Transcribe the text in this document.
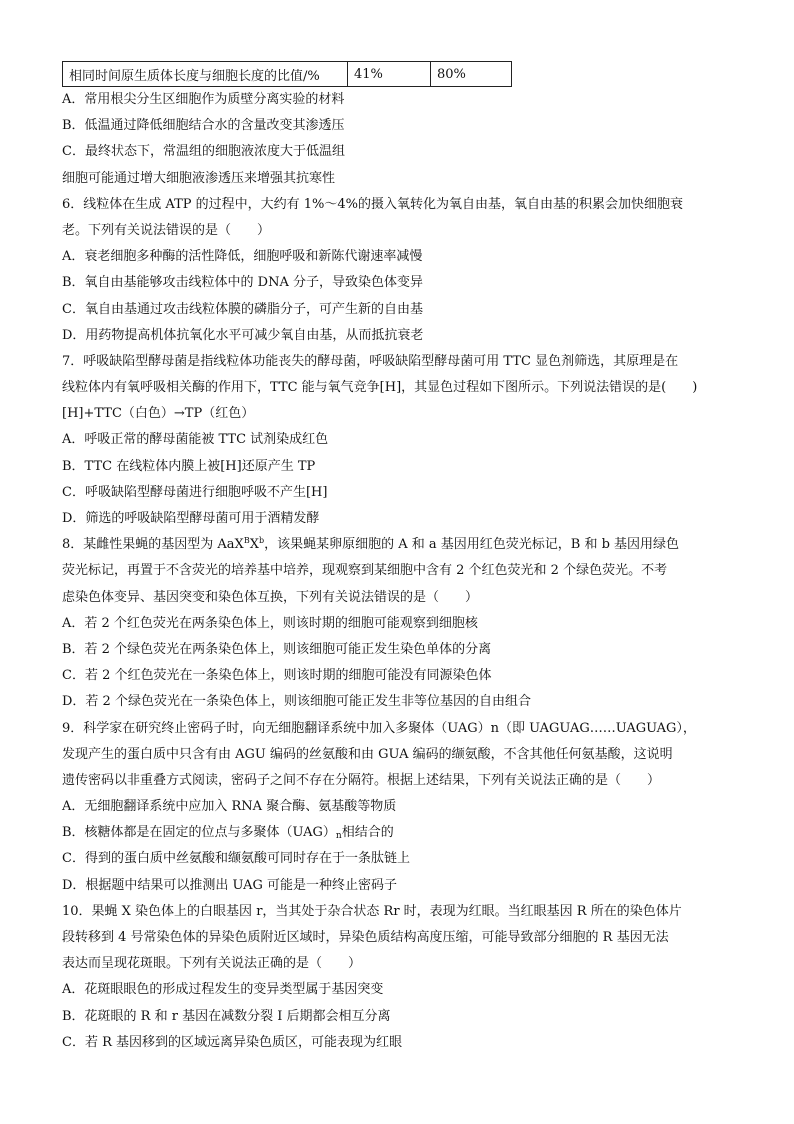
相同时间原生质体长度与细胞长度的比值/%	41%	80%
A．常用根尖分生区细胞作为质壁分离实验的材料
B．低温通过降低细胞结合水的含量改变其渗透压
C．最终状态下，常温组的细胞液浓度大于低温组
细胞可能通过增大细胞液渗透压来增强其抗寒性
6．线粒体在生成 ATP 的过程中，大约有 1%～4%的摄入氧转化为氧自由基，氧自由基的积累会加快细胞衰
老。下列有关说法错误的是（　　）
A．衰老细胞多种酶的活性降低，细胞呼吸和新陈代谢速率减慢
B．氧自由基能够攻击线粒体中的 DNA 分子，导致染色体变异
C．氧自由基通过攻击线粒体膜的磷脂分子，可产生新的自由基
D．用药物提高机体抗氧化水平可减少氧自由基，从而抵抗衰老
7．呼吸缺陷型酵母菌是指线粒体功能丧失的酵母菌，呼吸缺陷型酵母菌可用 TTC 显色剂筛选，其原理是在
线粒体内有氧呼吸相关酶的作用下，TTC 能与氧气竞争[H]，其显色过程如下图所示。下列说法错误的是(　　)
[H]+TTC（白色）→TP（红色）
A．呼吸正常的酵母菌能被 TTC 试剂染成红色
B．TTC 在线粒体内膜上被[H]还原产生 TP
C．呼吸缺陷型酵母菌进行细胞呼吸不产生[H]
D．筛选的呼吸缺陷型酵母菌可用于酒精发酵
8．某雌性果蝇的基因型为 $AaX^BX^b$，该果蝇某卵原细胞的 A 和 a 基因用红色荧光标记，B 和 b 基因用绿色
荧光标记，再置于不含荧光的培养基中培养，现观察到某细胞中含有 2 个红色荧光和 2 个绿色荧光。不考
虑染色体变异、基因突变和染色体互换，下列有关说法错误的是（　　）
A．若 2 个红色荧光在两条染色体上，则该时期的细胞可能观察到细胞核
B．若 2 个绿色荧光在两条染色体上，则该细胞可能正发生染色单体的分离
C．若 2 个红色荧光在一条染色体上，则该时期的细胞可能没有同源染色体
D．若 2 个绿色荧光在一条染色体上，则该细胞可能正发生非等位基因的自由组合
9．科学家在研究终止密码子时，向无细胞翻译系统中加入多聚体（UAG）n（即 UAGUAG……UAGUAG），
发现产生的蛋白质中只含有由 AGU 编码的丝氨酸和由 GUA 编码的缬氨酸，不含其他任何氨基酸，这说明
遗传密码以非重叠方式阅读，密码子之间不存在分隔符。根据上述结果，下列有关说法正确的是（　　）
A．无细胞翻译系统中应加入 RNA 聚合酶、氨基酸等物质
B．核糖体都是在固定的位点与多聚体$(UAG)_n$相结合的
C．得到的蛋白质中丝氨酸和缬氨酸可同时存在于一条肽链上
D．根据题中结果可以推测出 UAG 可能是一种终止密码子
10．果蝇 X 染色体上的白眼基因 r，当其处于杂合状态 Rr 时，表现为红眼。当红眼基因 R 所在的染色体片
段转移到 4 号常染色体的异染色质附近区域时，异染色质结构高度压缩，可能导致部分细胞的 R 基因无法
表达而呈现花斑眼。下列有关说法正确的是（　　）
A．花斑眼眼色的形成过程发生的变异类型属于基因突变
B．花斑眼的 R 和 r 基因在减数分裂 I 后期都会相互分离
C．若 R 基因移到的区域远离异染色质区，可能表现为红眼
